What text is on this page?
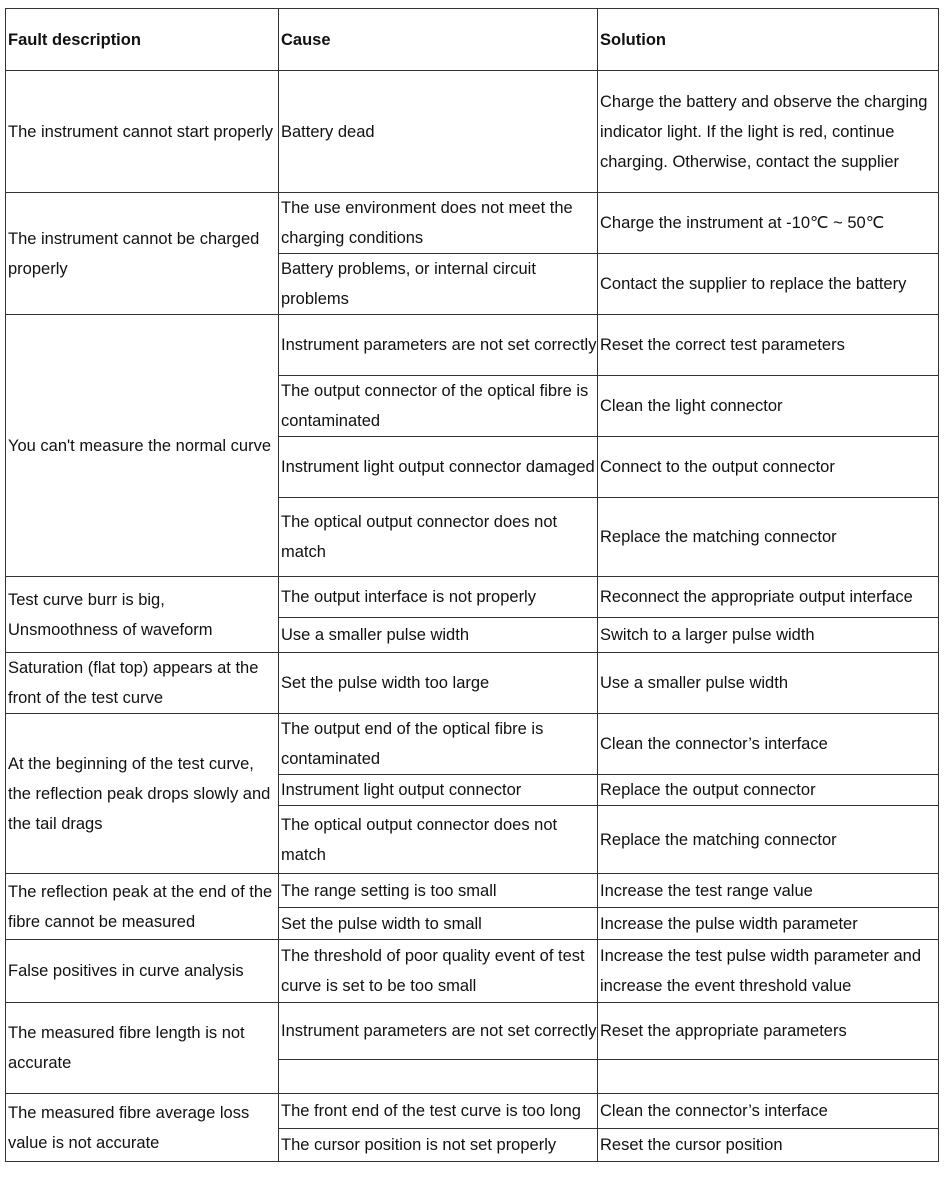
Fault description	Cause	Solution

The instrument cannot start properly	Battery dead	Charge the battery and observe the charging indicator light. If the light is red, continue charging. Otherwise, contact the supplier

The instrument cannot be charged properly	The use environment does not meet the charging conditions	Charge the instrument at -10℃ ~ 50℃

	Battery problems, or internal circuit problems	Contact the supplier to replace the battery

You can't measure the normal curve	Instrument parameters are not set correctly	Reset the correct test parameters

	The output connector of the optical fibre is contaminated	Clean the light connector

	Instrument light output connector damaged	Connect to the output connector

	The optical output connector does not match	Replace the matching connector

Test curve burr is big, Unsmoothness of waveform	The output interface is not properly	Reconnect the appropriate output interface

	Use a smaller pulse width	Switch to a larger pulse width

Saturation (flat top) appears at the front of the test curve	Set the pulse width too large	Use a smaller pulse width

At the beginning of the test curve, the reflection peak drops slowly and the tail drags	The output end of the optical fibre is contaminated	Clean the connector’s interface

	Instrument light output connector	Replace the output connector

	The optical output connector does not match	Replace the matching connector

The reflection peak at the end of the fibre cannot be measured	The range setting is too small	Increase the test range value

	Set the pulse width to small	Increase the pulse width parameter

False positives in curve analysis	The threshold of poor quality event of test curve is set to be too small	Increase the test pulse width parameter and increase the event threshold value

The measured fibre length is not accurate	Instrument parameters are not set correctly	Reset the appropriate parameters

The measured fibre average loss value is not accurate	The front end of the test curve is too long	Clean the connector’s interface

	The cursor position is not set properly	Reset the cursor position
